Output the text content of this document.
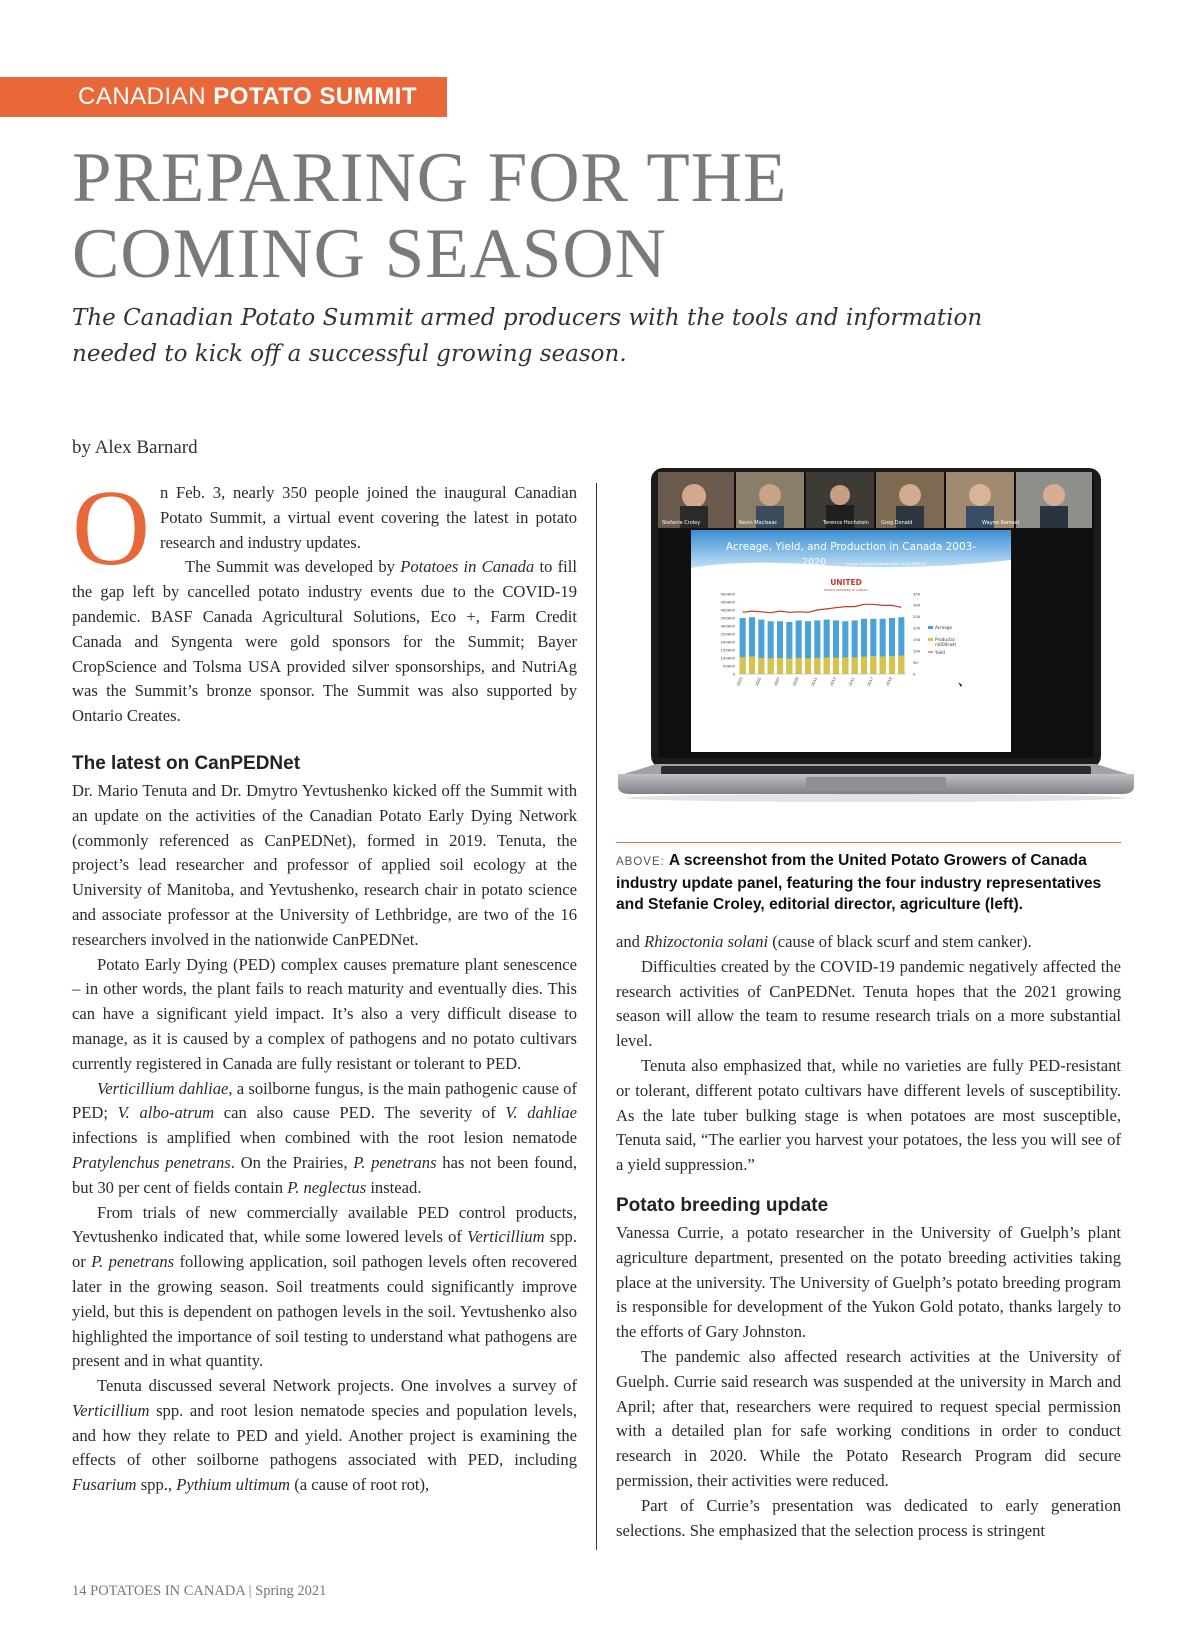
CANADIAN POTATO SUMMIT
PREPARING FOR THE
COMING SEASON
The Canadian Potato Summit armed producers with the tools and information needed to kick off a successful growing season.
by Alex Barnard

On Feb. 3, nearly 350 people joined the inaugural Canadian Potato Summit, a virtual event covering the latest in potato research and industry updates.

The Summit was developed by Potatoes in Canada to fill the gap left by cancelled potato industry events due to the COVID-19 pandemic. BASF Canada Agricultural Solutions, Eco +, Farm Credit Canada and Syngenta were gold sponsors for the Summit; Bayer CropScience and Tolsma USA provided silver sponsorships, and NutriAg was the Summit’s bronze sponsor. The Summit was also supported by Ontario Creates.

The latest on CanPEDNet

Dr. Mario Tenuta and Dr. Dmytro Yevtushenko kicked off the Summit with an update on the activities of the Canadian Potato Early Dying Network (commonly referenced as CanPEDNet), formed in 2019. Tenuta, the project’s lead researcher and professor of applied soil ecology at the University of Manitoba, and Yevtushenko, research chair in potato science and associate professor at the University of Lethbridge, are two of the 16 researchers involved in the nationwide CanPEDNet.

Potato Early Dying (PED) complex causes premature plant senescence – in other words, the plant fails to reach maturity and eventually dies. This can have a significant yield impact. It’s also a very difficult disease to manage, as it is caused by a complex of pathogens and no potato cultivars currently registered in Canada are fully resistant or tolerant to PED.

Verticillium dahliae, a soilborne fungus, is the main pathogenic cause of PED; V. albo-atrum can also cause PED. The severity of V. dahliae infections is amplified when combined with the root lesion nematode Pratylenchus penetrans. On the Prairies, P. penetrans has not been found, but 30 per cent of fields contain P. neglectus instead.

From trials of new commercially available PED control products, Yevtushenko indicated that, while some lowered levels of Verticillium spp. or P. penetrans following application, soil pathogen levels often recovered later in the growing season. Soil treatments could significantly improve yield, but this is dependent on pathogen levels in the soil. Yevtushenko also highlighted the importance of soil testing to understand what pathogens are present and in what quantity.

Tenuta discussed several Network projects. One involves a survey of Verticillium spp. and root lesion nematode species and population levels, and how they relate to PED and yield. Another project is examining the effects of other soilborne pathogens associated with PED, including Fusarium spp., Pythium ultimum (a cause of root rot),

Stefanie Croley	Kevin MacIsaac	Terence Hochstein Greg Donald	Wayne Ramsel
Acreage, Yield, and Production in Canada 2003-
2020	Source: Statistics Canada Table 32-10-0358-01
UNITED
POTATO GROWERS OF CANADA
500000
450000
400000
350000
300000
250000
200000
150000
100000
50000
0
350
300
250
200
150
100
50
0
2003	2005	2007	2009	2011	2013	2015	2017	2019
Acreage
Productio
n(000cwt)
Yield
ABOVE: A screenshot from the United Potato Growers of Canada industry update panel, featuring the four industry representatives and Stefanie Croley, editorial director, agriculture (left).

and Rhizoctonia solani (cause of black scurf and stem canker).

Difficulties created by the COVID-19 pandemic negatively affected the research activities of CanPEDNet. Tenuta hopes that the 2021 growing season will allow the team to resume research trials on a more substantial level.

Tenuta also emphasized that, while no varieties are fully PED-resistant or tolerant, different potato cultivars have different levels of susceptibility. As the late tuber bulking stage is when potatoes are most susceptible, Tenuta said, “The earlier you harvest your potatoes, the less you will see of a yield suppression.”

Potato breeding update

Vanessa Currie, a potato researcher in the University of Guelph’s plant agriculture department, presented on the potato breeding activities taking place at the university. The University of Guelph’s potato breeding program is responsible for development of the Yukon Gold potato, thanks largely to the efforts of Gary Johnston.

The pandemic also affected research activities at the University of Guelph. Currie said research was suspended at the university in March and April; after that, researchers were required to request special permission with a detailed plan for safe working conditions in order to conduct research in 2020. While the Potato Research Program did secure permission, their activities were reduced.

Part of Currie’s presentation was dedicated to early generation selections. She emphasized that the selection process is stringent

14 POTATOES IN CANADA | Spring 2021
